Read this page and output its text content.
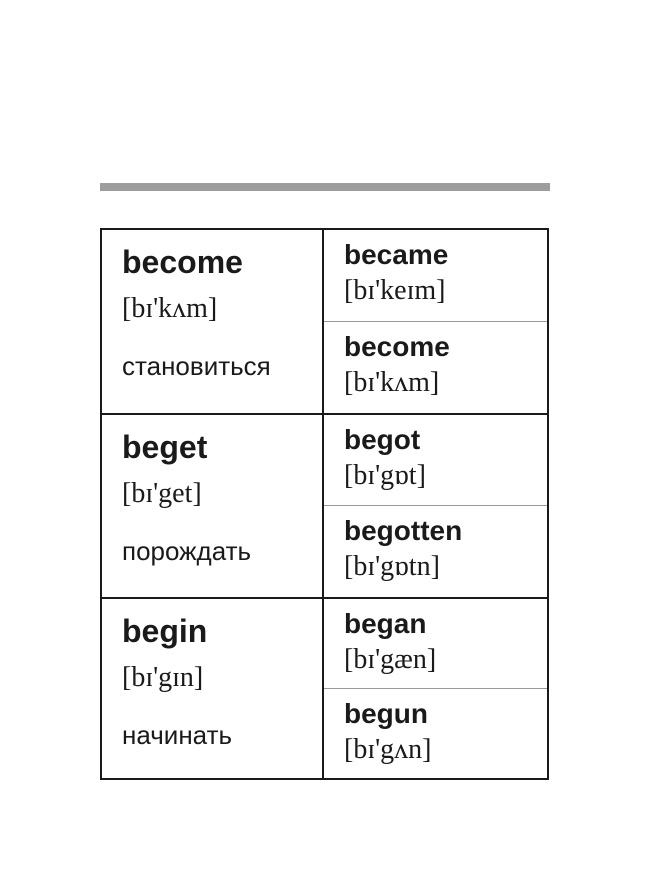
become
[bɪ'kʌm]
становиться
became
[bɪ'keɪm]
become
[bɪ'kʌm]
beget
[bɪ'get]
порождать
begot
[bɪ'gɒt]
begotten
[bɪ'gɒtn]
begin
[bɪ'gɪn]
начинать
began
[bɪ'gæn]
begun
[bɪ'gʌn]
